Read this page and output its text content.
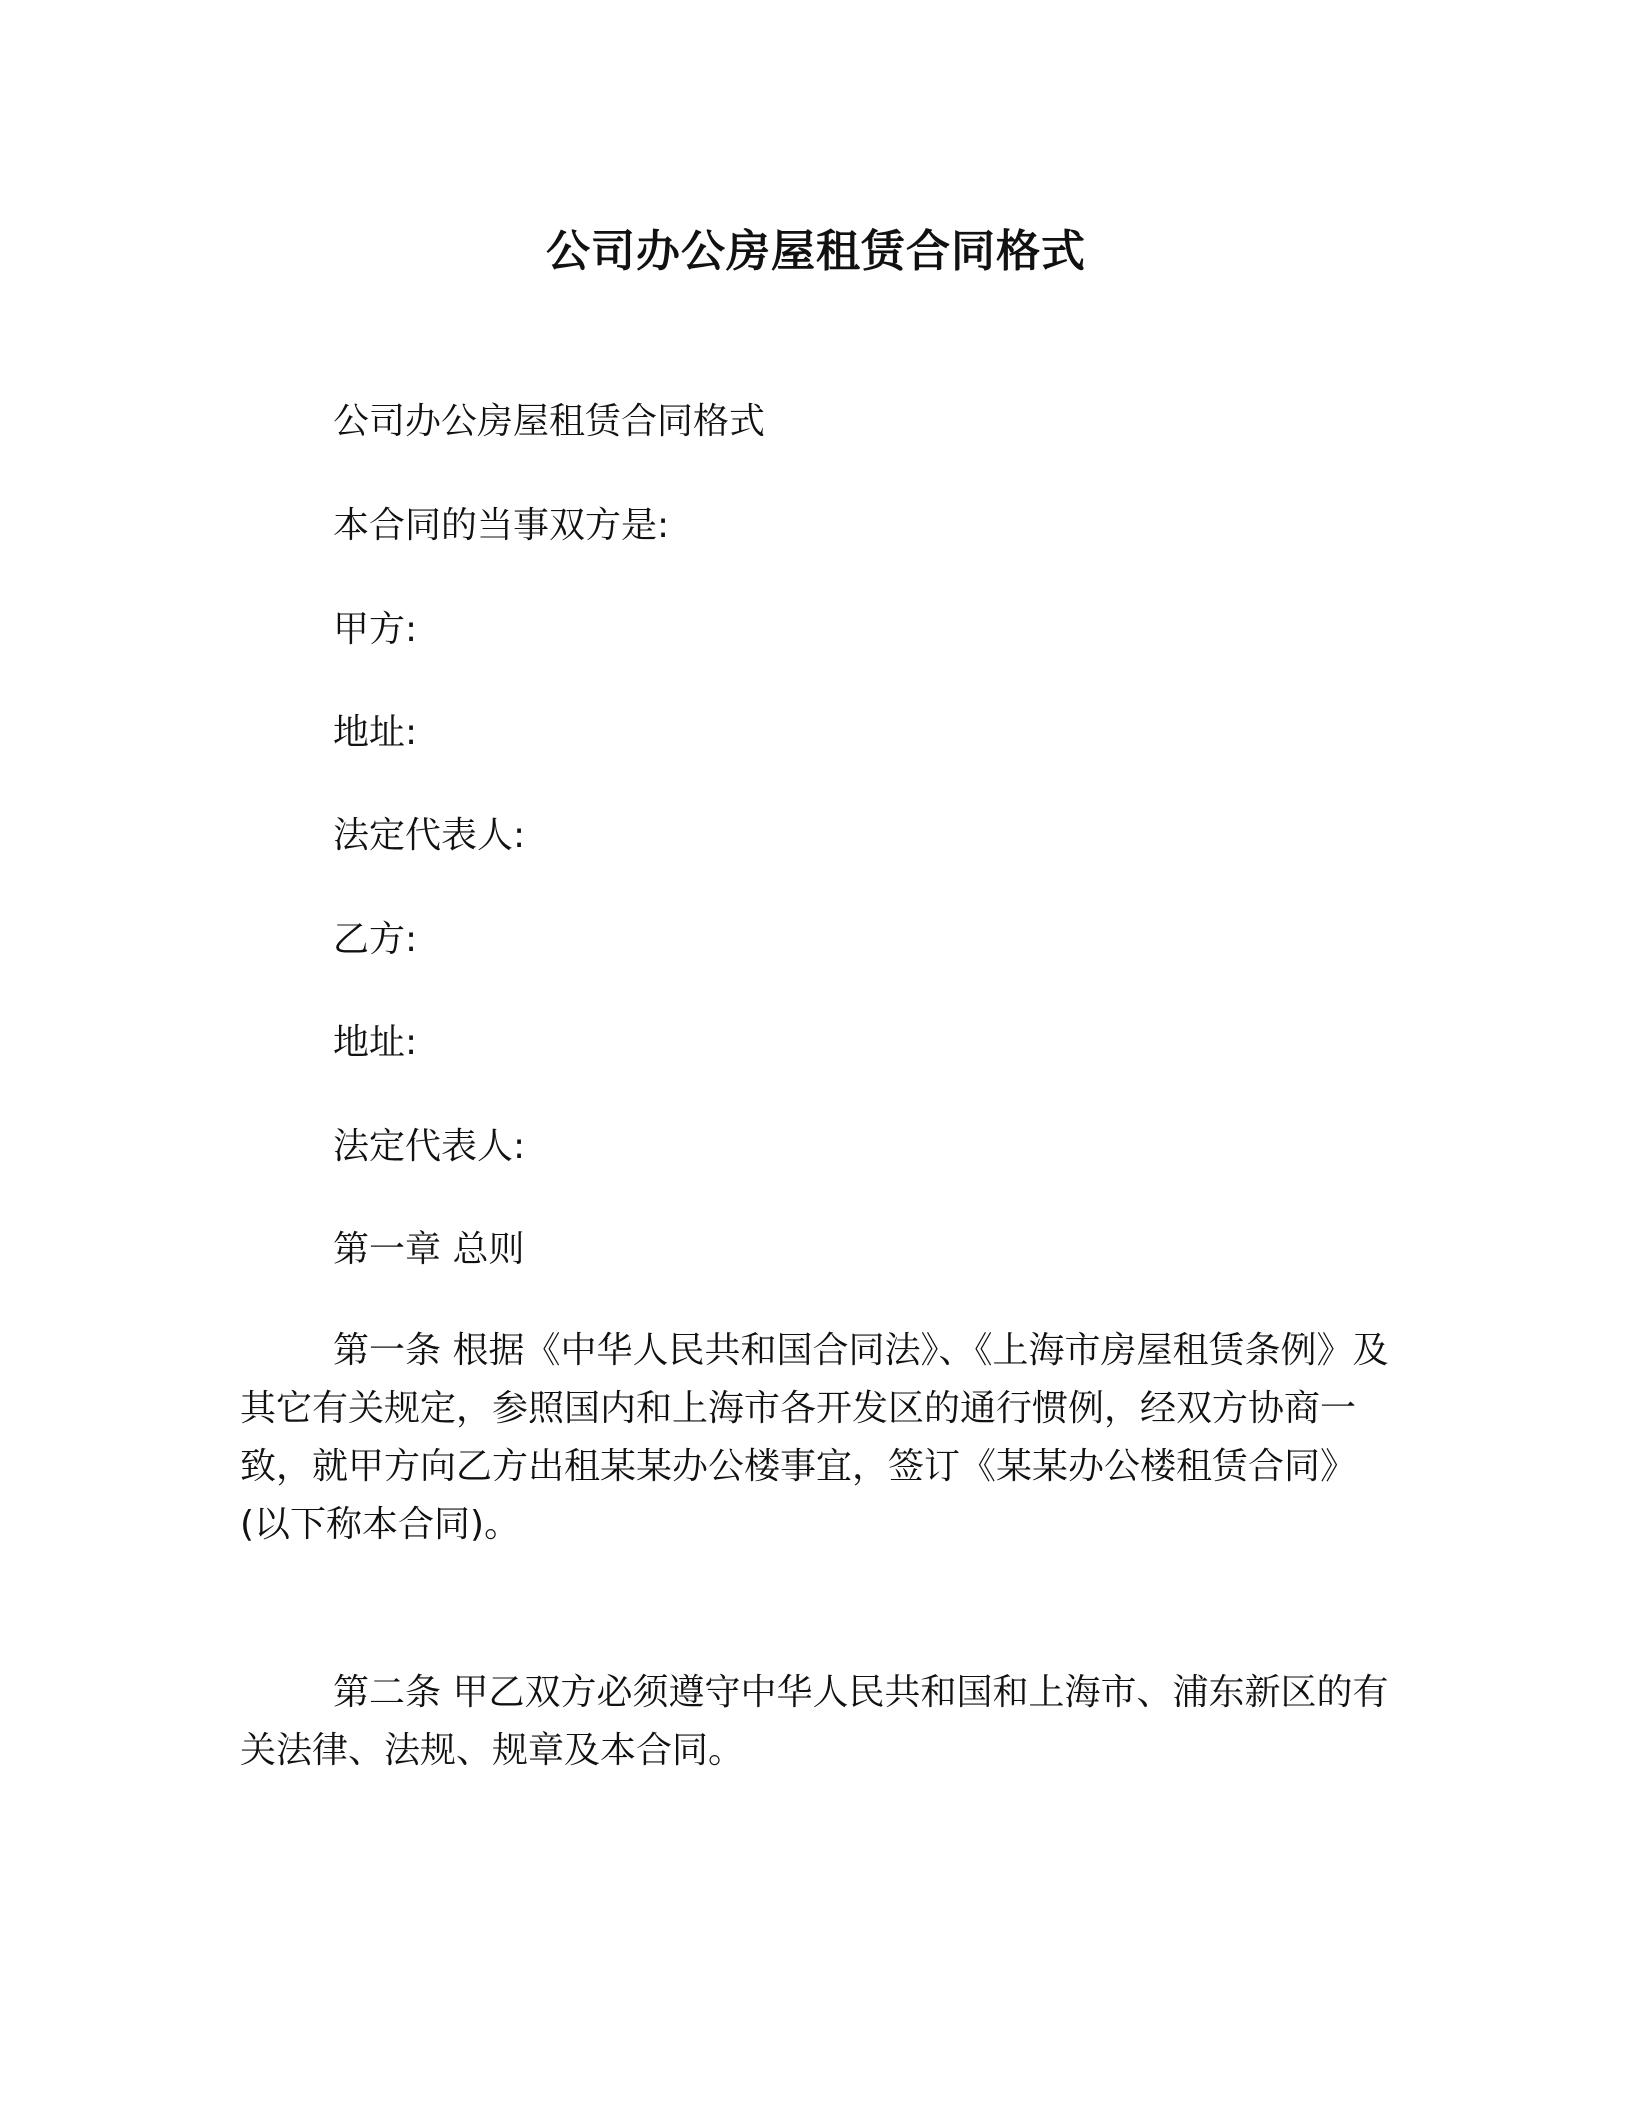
公司办公房屋租赁合同格式
公司办公房屋租赁合同格式
本合同的当事双方是:
甲方:
地址:
法定代表人:
乙方:
地址:
法定代表人:
第一章 总则

第一条 根据《中华人民共和国合同法》、《上海市房屋租赁条例》及其它有关规定，参照国内和上海市各开发区的通行惯例，经双方协商一致，就甲方向乙方出租某某办公楼事宜，签订《某某办公楼租赁合同》(以下称本合同)。

第二条 甲乙双方必须遵守中华人民共和国和上海市、浦东新区的有关法律、法规、规章及本合同。
